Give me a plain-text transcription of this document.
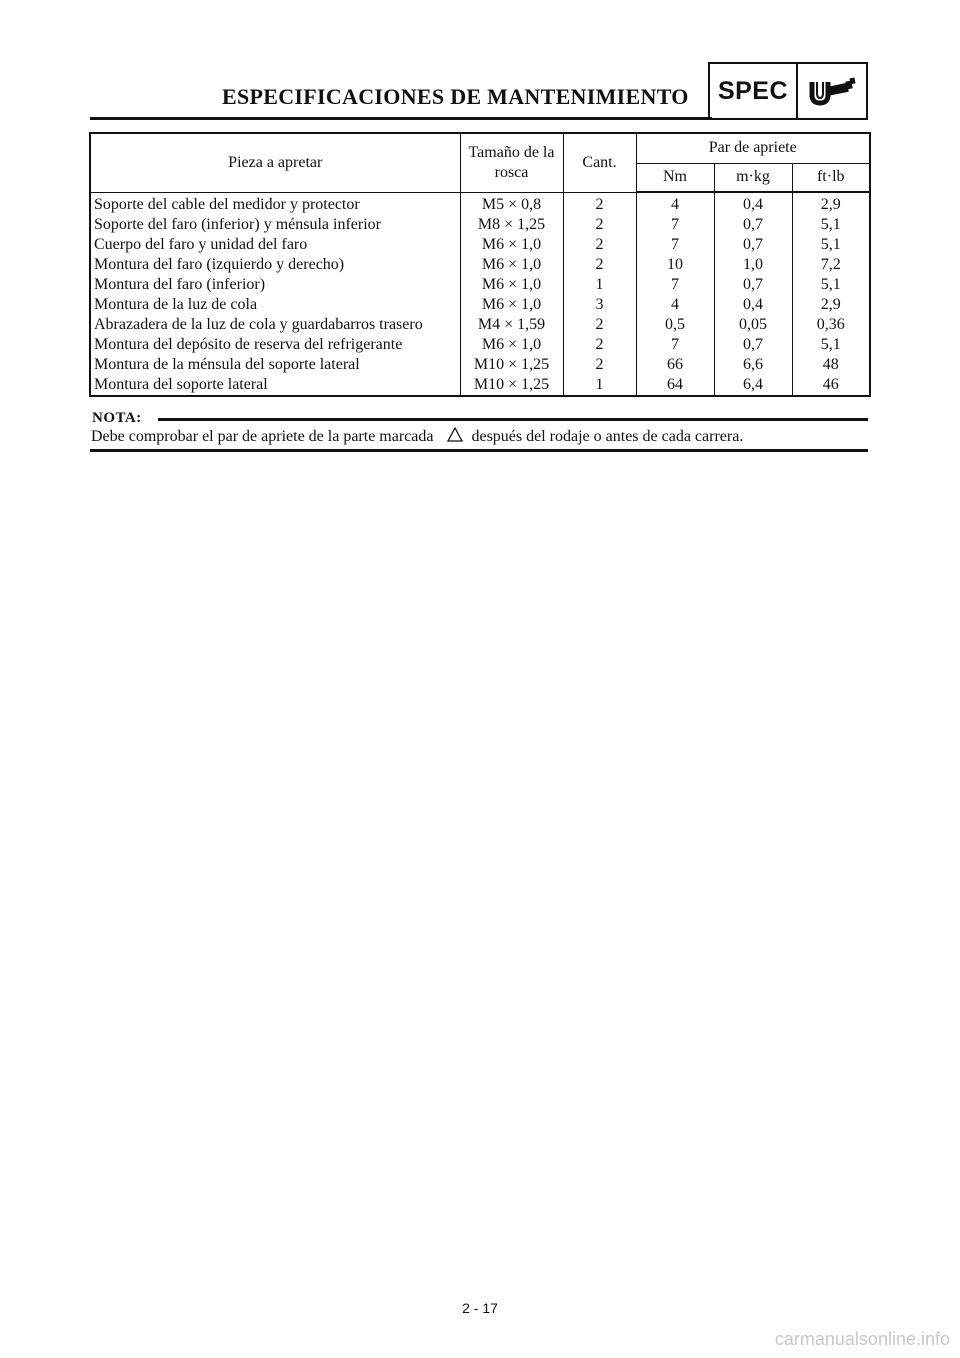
ESPECIFICACIONES DE MANTENIMIENTO	SPEC
Pieza a apretar	Tamaño de la rosca	Cant.	Par de apriete		
			Nm	m·kg	ft·lb
Soporte del cable del medidor y protector	M5 × 0,8	2	4	0,4	2,9
Soporte del faro (inferior) y ménsula inferior	M8 × 1,25	2	7	0,7	5,1
Cuerpo del faro y unidad del faro	M6 × 1,0	2	7	0,7	5,1
Montura del faro (izquierdo y derecho)	M6 × 1,0	2	10	1,0	7,2
Montura del faro (inferior)	M6 × 1,0	1	7	0,7	5,1
Montura de la luz de cola	M6 × 1,0	3	4	0,4	2,9
Abrazadera de la luz de cola y guardabarros trasero	M4 × 1,59	2	0,5	0,05	0,36
Montura del depósito de reserva del refrigerante	M6 × 1,0	2	7	0,7	5,1
Montura de la ménsula del soporte lateral	M10 × 1,25	2	66	6,6	48
Montura del soporte lateral	M10 × 1,25	1	64	6,4	46
NOTA:
Debe comprobar el par de apriete de la parte marcada después del rodaje o antes de cada carrera.
2 - 17
carmanualsonline.info
